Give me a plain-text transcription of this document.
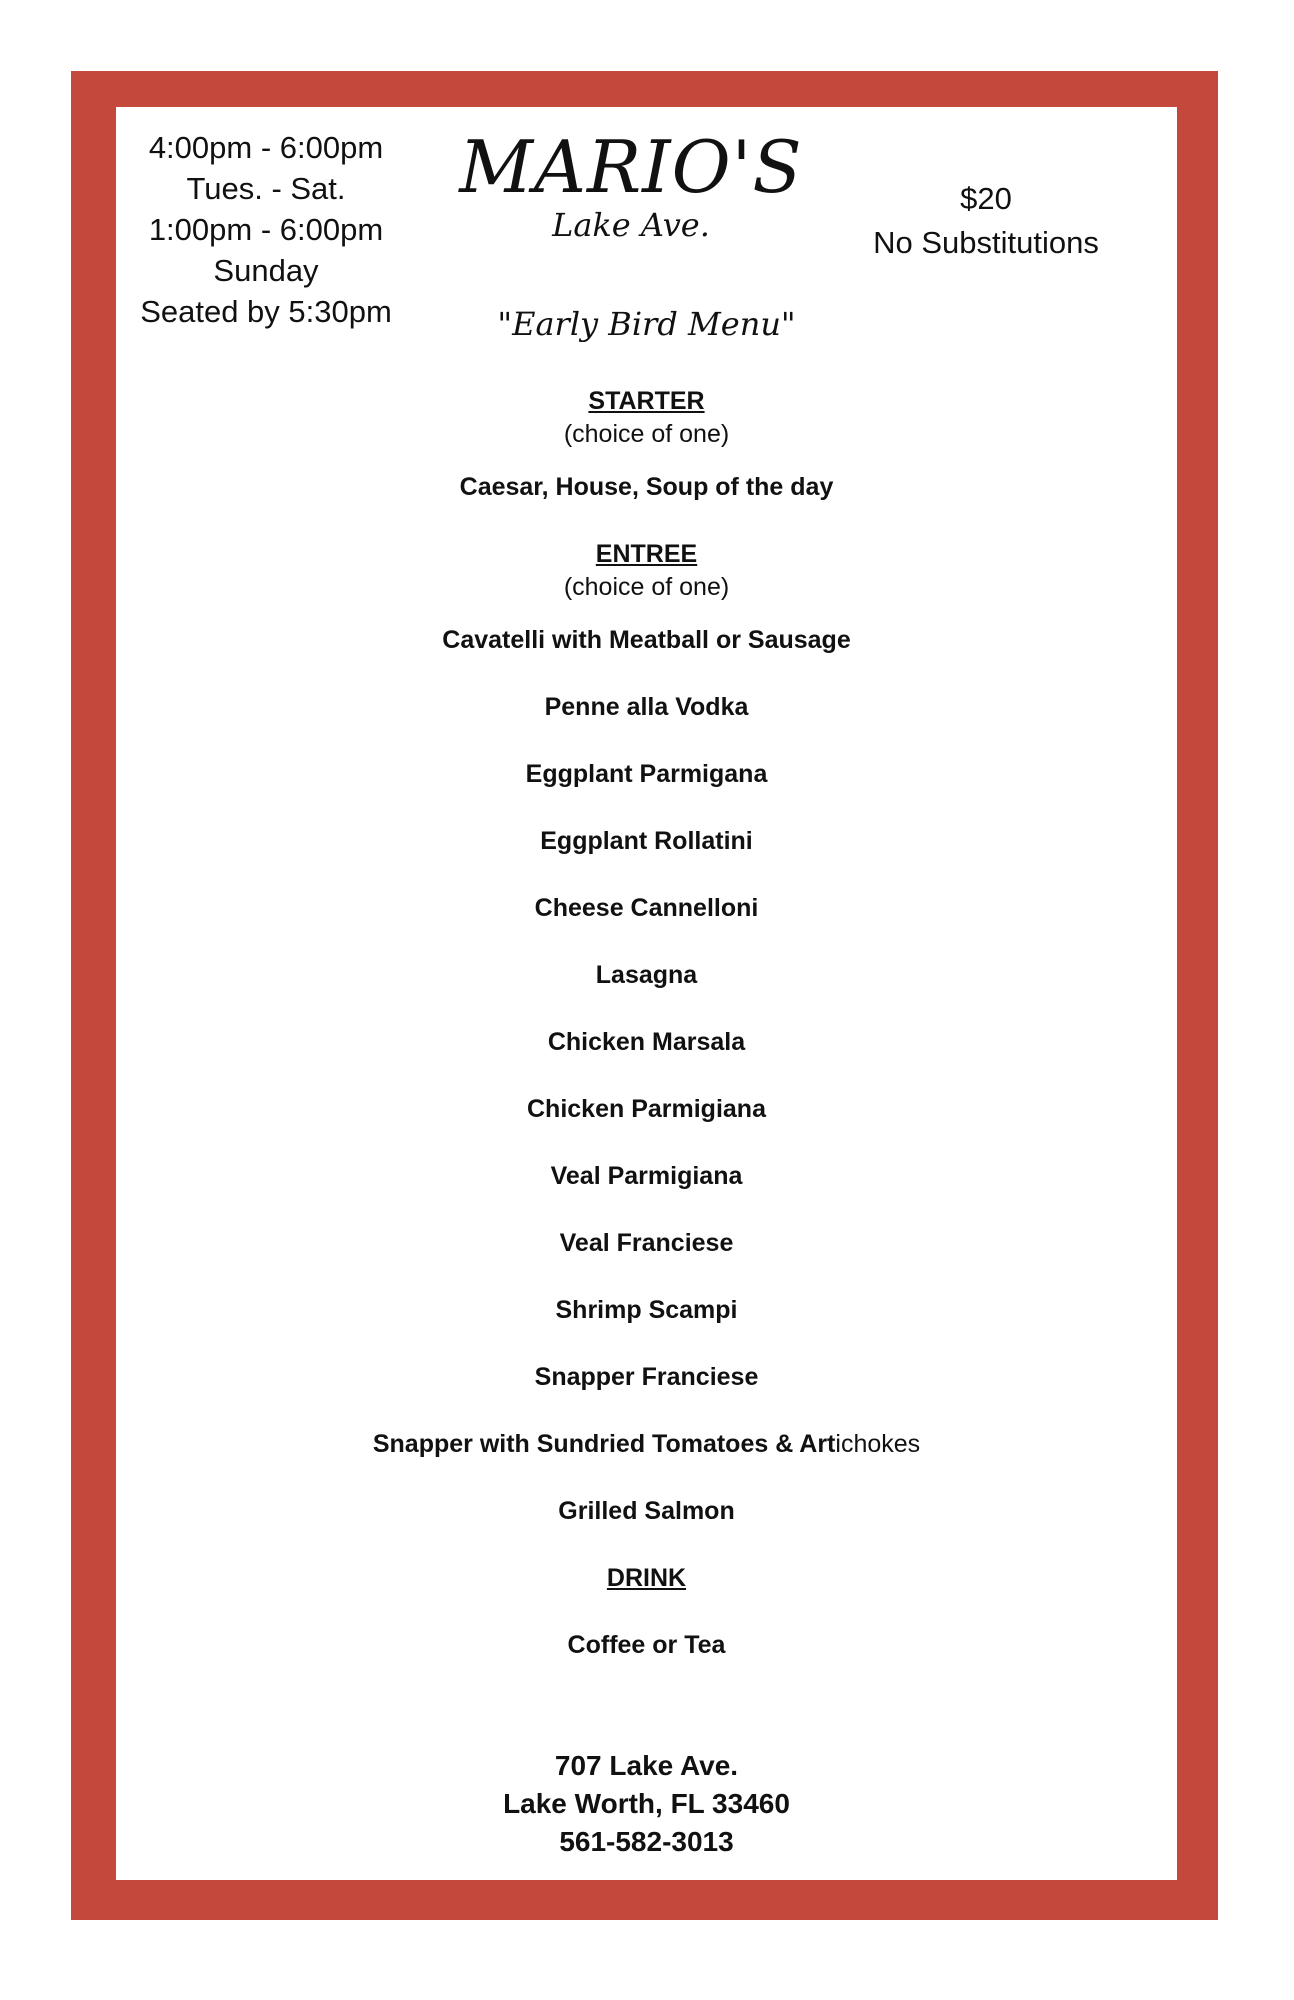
4:00pm - 6:00pm
Tues. - Sat.
1:00pm - 6:00pm
Sunday
Seated by 5:30pm
MARIO'S
Lake Ave.
$20
No Substitutions
"Early Bird Menu"
STARTER
(choice of one)
Caesar, House, Soup of the day
ENTREE
(choice of one)
Cavatelli with Meatball or Sausage
Penne alla Vodka
Eggplant Parmigana
Eggplant Rollatini
Cheese Cannelloni
Lasagna
Chicken Marsala
Chicken Parmigiana
Veal Parmigiana
Veal Franciese
Shrimp Scampi
Snapper Franciese
Snapper with Sundried Tomatoes & Artichokes
Grilled Salmon
DRINK
Coffee or Tea
707 Lake Ave.
Lake Worth, FL 33460
561-582-3013
